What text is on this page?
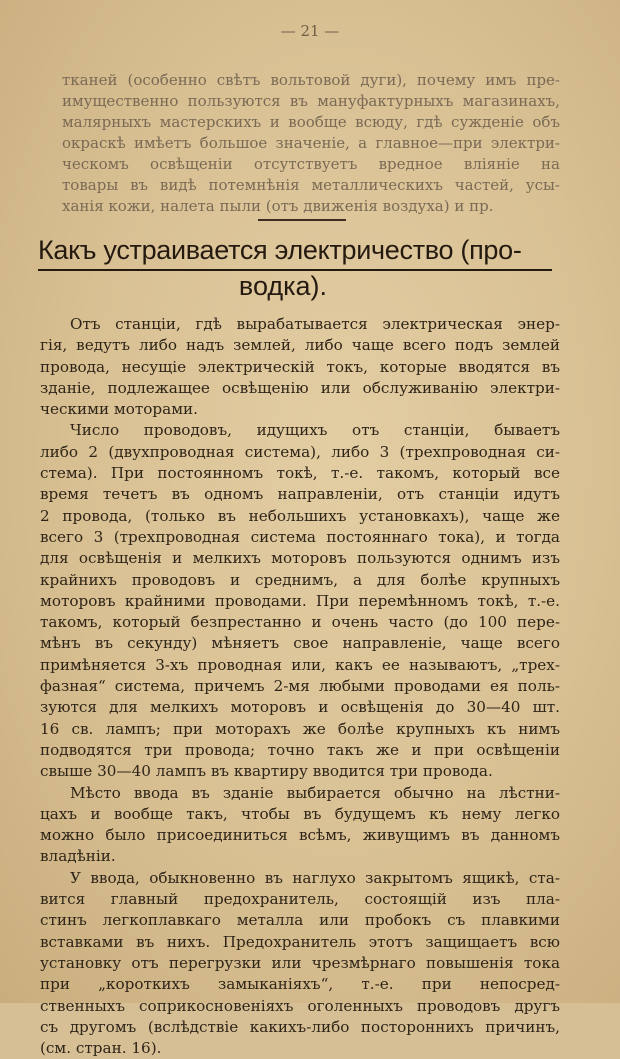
— 21 —
тканей (особенно свѣтъ вольтовой дуги), почему имъ пре-
имущественно пользуются въ мануфактурныхъ магазинахъ,
малярныхъ мастерскихъ и вообще всюду, гдѣ сужденіе объ
окраскѣ имѣетъ большое значеніе, а главное—при электри-
ческомъ освѣщеніи отсутствуетъ вредное вліяніе на
товары въ видѣ потемнѣнія металлическихъ частей, усы-
ханія кожи, налета пыли (отъ движенія воздуха) и пр.
Какъ устраивается электричество (про-
водка).
Отъ станціи, гдѣ вырабатывается электрическая энер-
гія, ведутъ либо надъ землей, либо чаще всего подъ землей
провода, несущіе электрическій токъ, которые вводятся въ
зданіе, подлежащее освѣщенію или обслуживанію электри-
ческими моторами.
Число проводовъ, идущихъ отъ станціи, бываетъ
либо 2 (двухпроводная система), либо 3 (трехпроводная си-
стема). При постоянномъ токѣ, т.-е. такомъ, который все
время течетъ въ одномъ направленіи, отъ станціи идутъ
2 провода, (только въ небольшихъ установкахъ), чаще же
всего 3 (трехпроводная система постояннаго тока), и тогда
для освѣщенія и мелкихъ моторовъ пользуются однимъ изъ
крайнихъ проводовъ и среднимъ, а для болѣе крупныхъ
моторовъ крайними проводами. При перемѣнномъ токѣ, т.-е.
такомъ, который безпрестанно и очень часто (до 100 пере-
мѣнъ въ секунду) мѣняетъ свое направленіе, чаще всего
примѣняется 3-хъ проводная или, какъ ее называютъ, „трех-
фазная“ система, причемъ 2-мя любыми проводами ея поль-
зуются для мелкихъ моторовъ и освѣщенія до 30—40 шт.
16 св. лампъ; при моторахъ же болѣе крупныхъ къ нимъ
подводятся три провода; точно такъ же и при освѣщеніи
свыше 30—40 лампъ въ квартиру вводится три провода.
Мѣсто ввода въ зданіе выбирается обычно на лѣстни-
цахъ и вообще такъ, чтобы въ будущемъ къ нему легко
можно было присоединиться всѣмъ, живущимъ въ данномъ
владѣніи.
У ввода, обыкновенно въ наглухо закрытомъ ящикѣ, ста-
вится главный предохранитель, состоящій изъ пла-
стинъ легкоплавкаго металла или пробокъ съ плавкими
вставками въ нихъ. Предохранитель этотъ защищаетъ всю
установку отъ перегрузки или чрезмѣрнаго повышенія тока
при „короткихъ замыканіяхъ“, т.-е. при непосред-
ственныхъ соприкосновеніяхъ оголенныхъ проводовъ другъ
съ другомъ (вслѣдствіе какихъ-либо постороннихъ причинъ,
(см. стран. 16).
